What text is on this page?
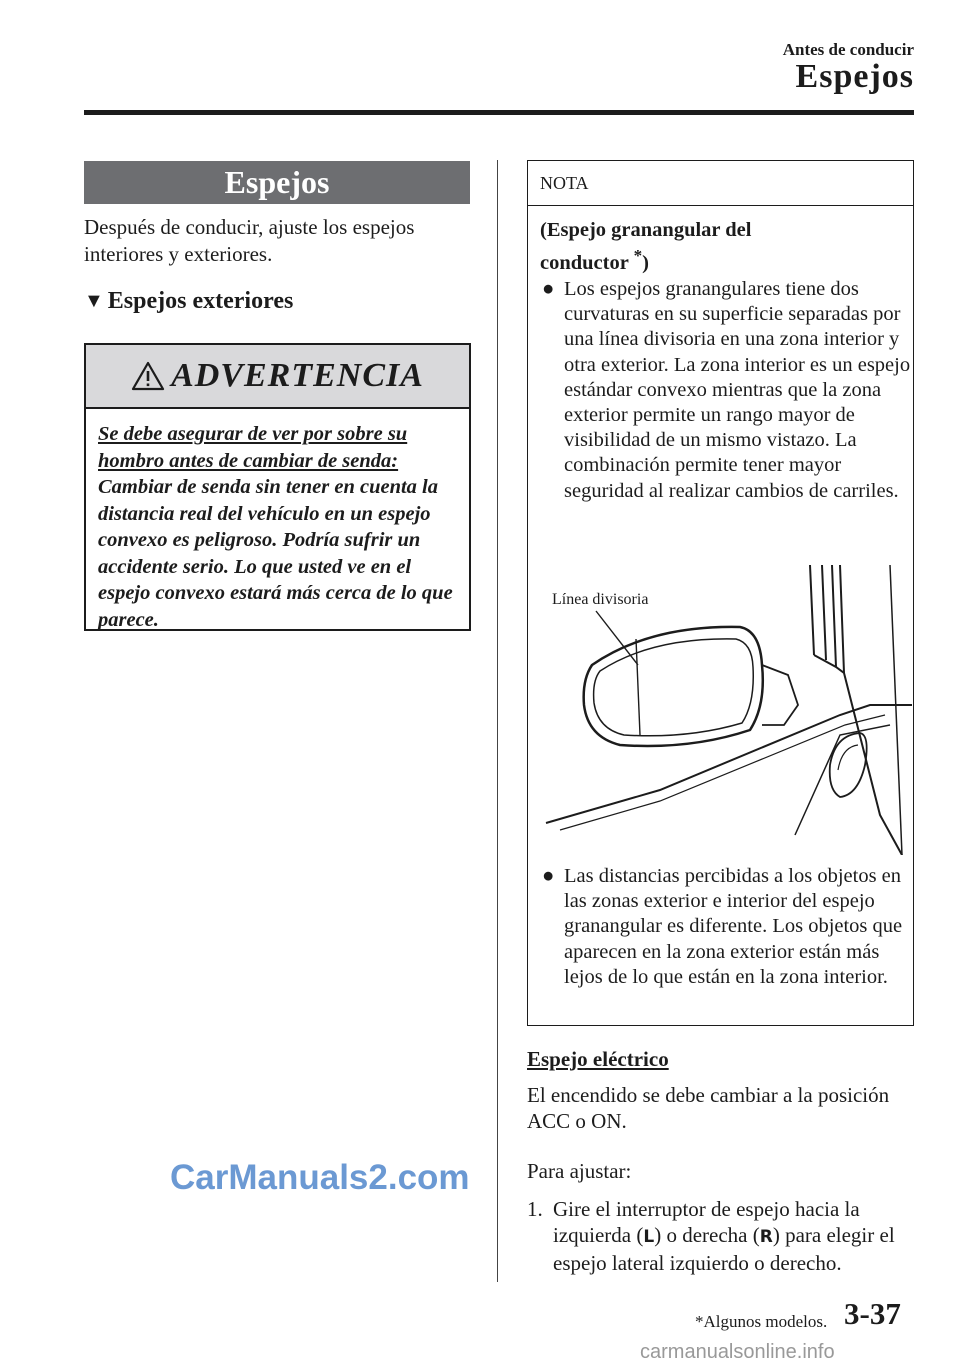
Antes de conducir
Espejos
Espejos
Después de conducir, ajuste los espejos interiores y exteriores.
▼ Espejos exteriores
ADVERTENCIA
Se debe asegurar de ver por sobre su hombro antes de cambiar de senda: Cambiar de senda sin tener en cuenta la distancia real del vehículo en un espejo convexo es peligroso. Podría sufrir un accidente serio. Lo que usted ve en el espejo convexo estará más cerca de lo que parece.
NOTA
(Espejo granangular del
conductor *)
● Los espejos granangulares tiene dos curvaturas en su superficie separadas por una línea divisoria en una zona interior y otra exterior. La zona interior es un espejo estándar convexo mientras que la zona exterior permite un rango mayor de visibilidad de un mismo vistazo. La combinación permite tener mayor seguridad al realizar cambios de carriles.
Línea divisoria
● Las distancias percibidas a los objetos en las zonas exterior e interior del espejo granangular es diferente. Los objetos que aparecen en la zona exterior están más lejos de lo que están en la zona interior.
Espejo eléctrico
El encendido se debe cambiar a la posición ACC o ON.
Para ajustar:
1. Gire el interruptor de espejo hacia la izquierda (L) o derecha (R) para elegir el espejo lateral izquierdo o derecho.
CarManuals2.com
*Algunos modelos. 3-37
carmanualsonline.info
